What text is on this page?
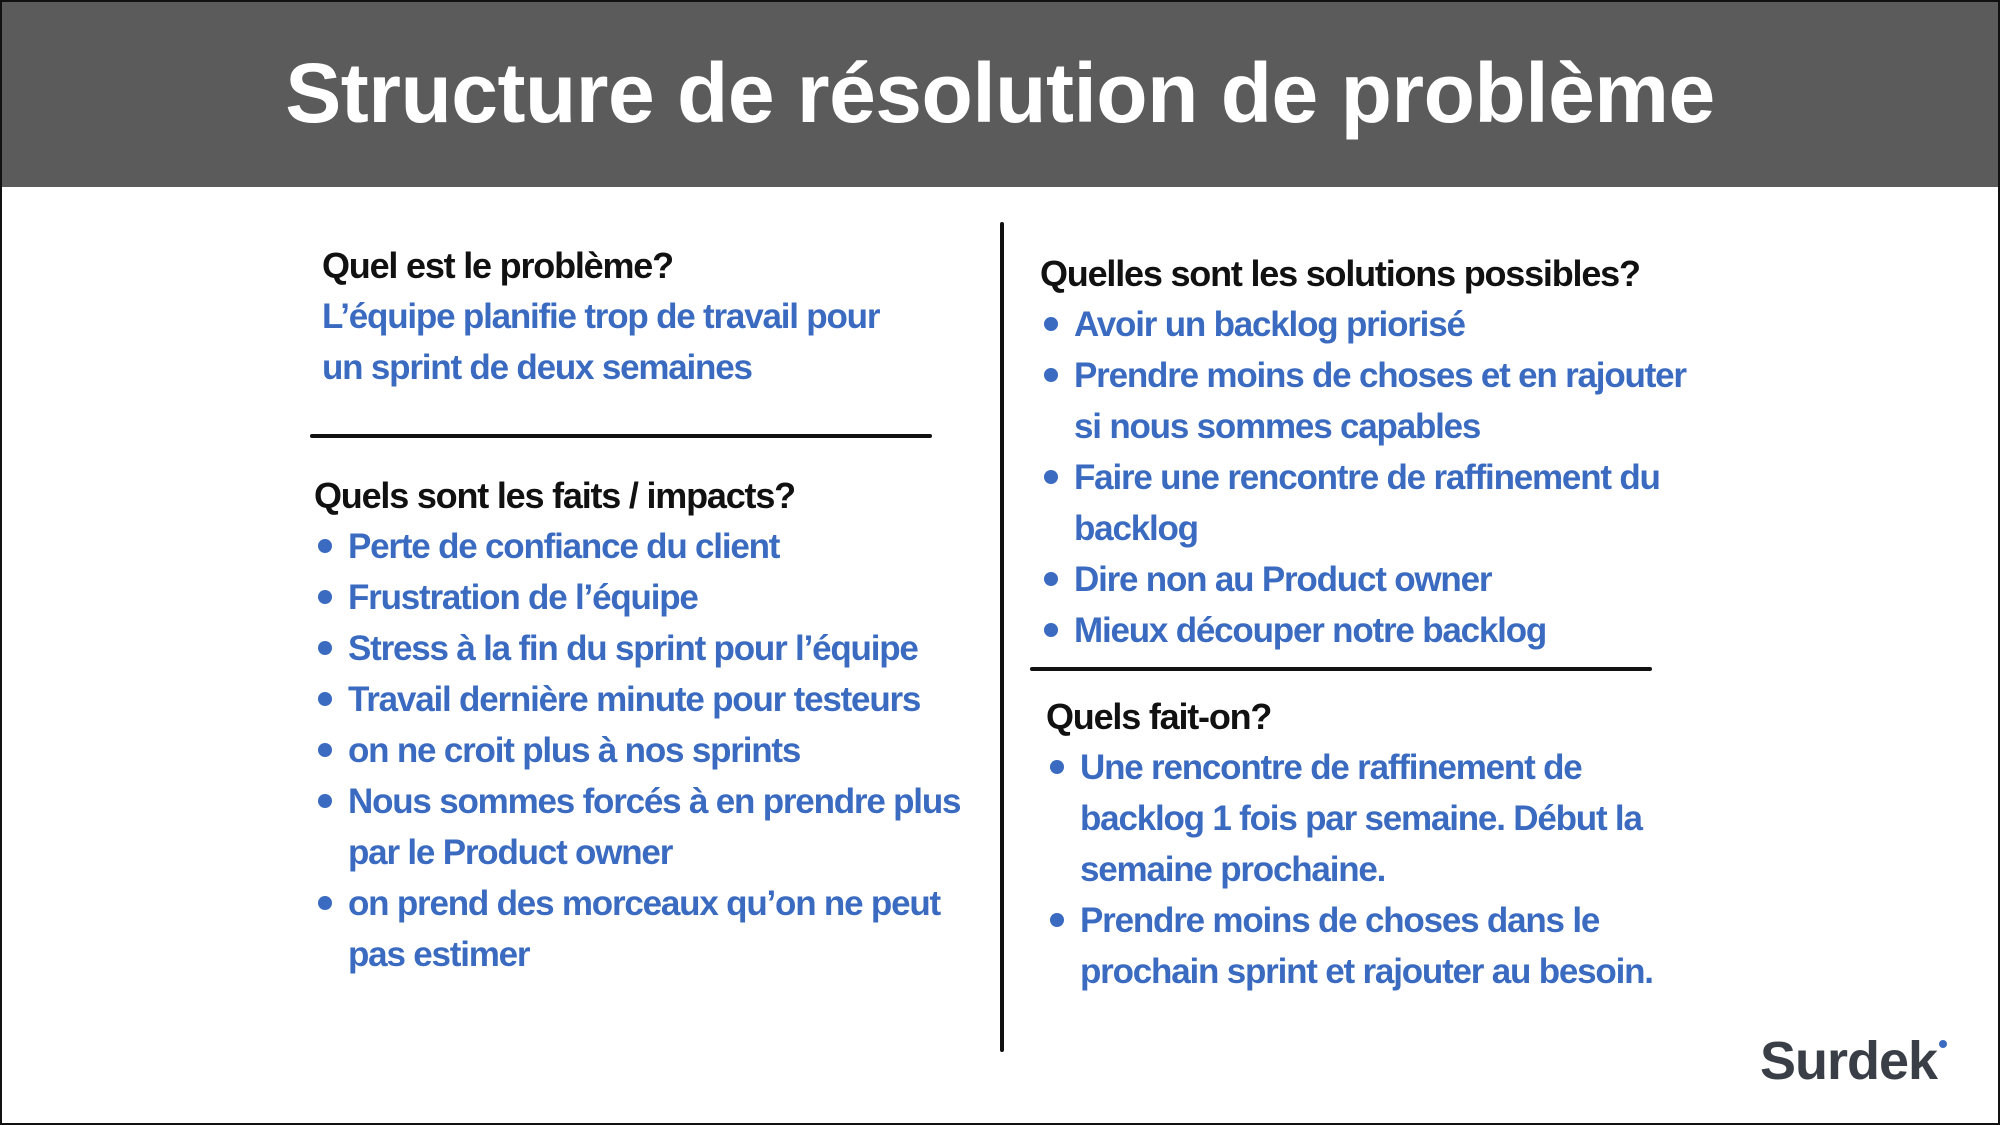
Structure de résolution de problème
Quel est le problème?
L’équipe planifie trop de travail pour
un sprint de deux semaines
Quels sont les faits / impacts?
Perte de confiance du client
Frustration de l’équipe
Stress à la fin du sprint pour l’équipe
Travail dernière minute pour testeurs
on ne croit plus à nos sprints
Nous sommes forcés à en prendre plus par le Product owner
on prend des morceaux qu’on ne peut pas estimer
Quelles sont les solutions possibles?
Avoir un backlog priorisé
Prendre moins de choses et en rajouter si nous sommes capables
Faire une rencontre de raffinement du backlog
Dire non au Product owner
Mieux découper notre backlog
Quels fait-on?
Une rencontre de raffinement de backlog 1 fois par semaine. Début la semaine prochaine.
Prendre moins de choses dans le prochain sprint et rajouter au besoin.
Surdek
